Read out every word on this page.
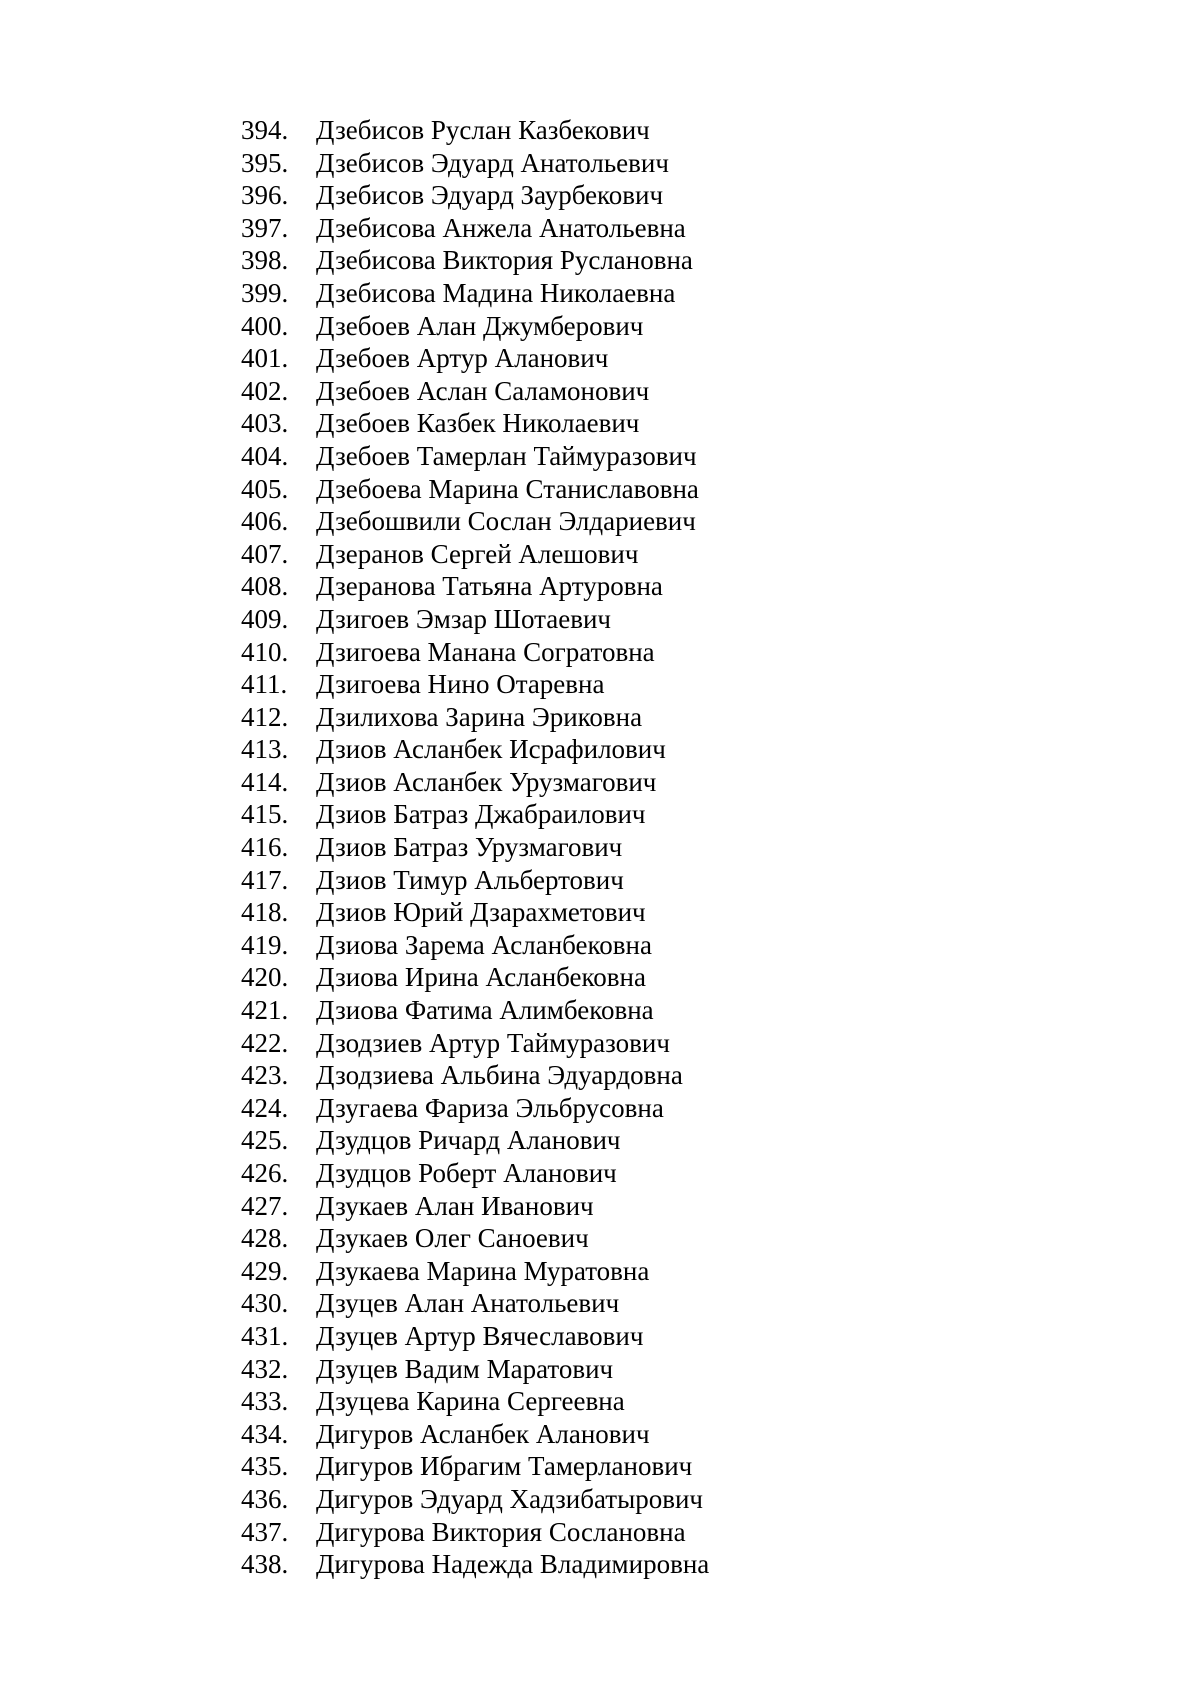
394. Дзебисов Руслан Казбекович
395. Дзебисов Эдуард Анатольевич
396. Дзебисов Эдуард Заурбекович
397. Дзебисова Анжела Анатольевна
398. Дзебисова Виктория Руслановна
399. Дзебисова Мадина Николаевна
400. Дзебоев Алан Джумберович
401. Дзебоев Артур Аланович
402. Дзебоев Аслан Саламонович
403. Дзебоев Казбек Николаевич
404. Дзебоев Тамерлан Таймуразович
405. Дзебоева Марина Станиславовна
406. Дзебошвили Сослан Элдариевич
407. Дзеранов Сергей Алешович
408. Дзеранова Татьяна Артуровна
409. Дзигоев Эмзар Шотаевич
410. Дзигоева Манана Согратовна
411. Дзигоева Нино Отаревна
412. Дзилихова Зарина Эриковна
413. Дзиов Асланбек Исрафилович
414. Дзиов Асланбек Урузмагович
415. Дзиов Батраз Джабраилович
416. Дзиов Батраз Урузмагович
417. Дзиов Тимур Альбертович
418. Дзиов Юрий Дзарахметович
419. Дзиова Зарема Асланбековна
420. Дзиова Ирина Асланбековна
421. Дзиова Фатима Алимбековна
422. Дзодзиев Артур Таймуразович
423. Дзодзиева Альбина Эдуардовна
424. Дзугаева Фариза Эльбрусовна
425. Дзудцов Ричард Аланович
426. Дзудцов Роберт Аланович
427. Дзукаев Алан Иванович
428. Дзукаев Олег Саноевич
429. Дзукаева Марина Муратовна
430. Дзуцев Алан Анатольевич
431. Дзуцев Артур Вячеславович
432. Дзуцев Вадим Маратович
433. Дзуцева Карина Сергеевна
434. Дигуров Асланбек Аланович
435. Дигуров Ибрагим Тамерланович
436. Дигуров Эдуард Хадзибатырович
437. Дигурова Виктория Сослановна
438. Дигурова Надежда Владимировна
